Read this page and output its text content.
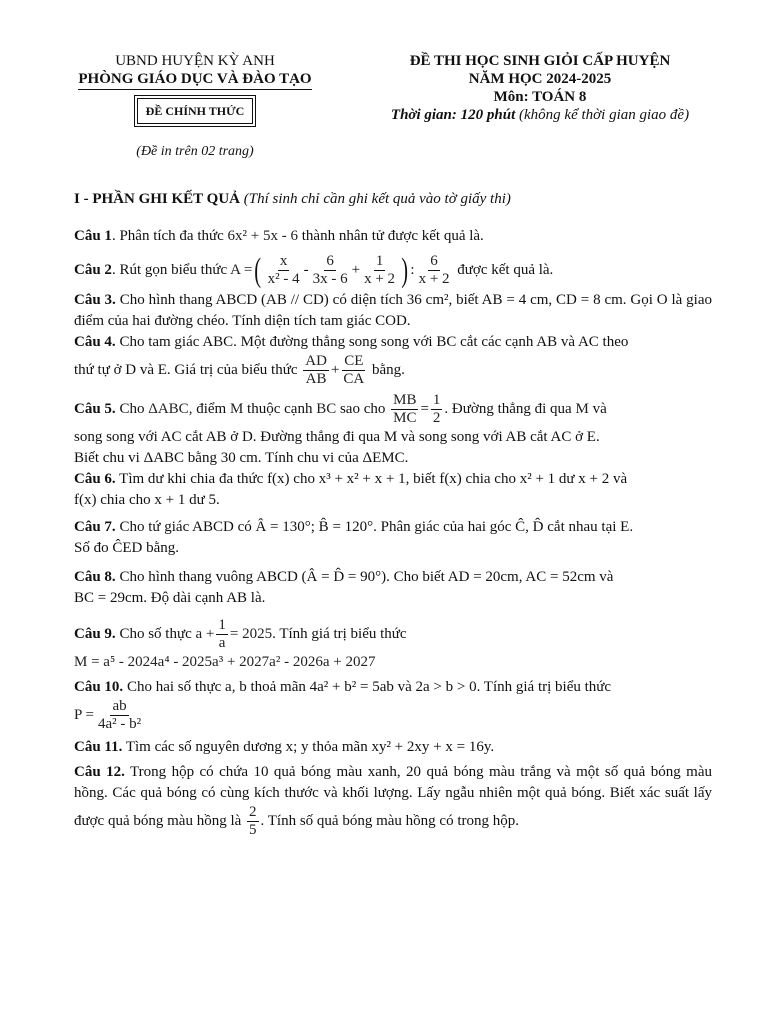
UBND HUYỆN KỲ ANH
PHÒNG GIÁO DỤC VÀ ĐÀO TẠO
ĐỀ CHÍNH THỨC
(Đề in trên 02 trang)
ĐỀ THI HỌC SINH GIỎI CẤP HUYỆN
NĂM HỌC 2024-2025
Môn: TOÁN 8
Thời gian: 120 phút (không kể thời gian giao đề)
I - PHẦN GHI KẾT QUẢ (Thí sinh chỉ cần ghi kết quả vào tờ giấy thi)

Câu 1. Phân tích đa thức 6x² + 5x - 6 thành nhân tử được kết quả là.

Câu 2. Rút gọn biểu thức A =( $\frac{x}{\text{x² - 4}} - \frac{6}{3x - 6} + \frac{1}{x + 2}$ ) : $\frac{6}{x + 2}$ được kết quả là.

Câu 3. Cho hình thang ABCD (AB // CD) có diện tích 36 cm², biết AB = 4 cm, CD = 8 cm. Gọi O là giao điểm của hai đường chéo. Tính diện tích tam giác COD.

Câu 4. Cho tam giác ABC. Một đường thẳng song song với BC cắt các cạnh AB và AC theo
thứ tự ở D và E. Giá trị của biểu thức $\frac{AD}{AB} + \frac{CE}{CA}$ bằng.

Câu 5. Cho ΔABC, điểm M thuộc cạnh BC sao cho $\frac{MB}{MC} = \frac{1}{2}$ . Đường thẳng đi qua M và
song song với AC cắt AB ở D. Đường thẳng đi qua M và song song với AB cắt AC ở E.
Biết chu vi ΔABC bằng 30 cm. Tính chu vi của ΔEMC.

Câu 6. Tìm dư khi chia đa thức f(x) cho x³ + x² + x + 1, biết f(x) chia cho x² + 1 dư x + 2 và
f(x) chia cho x + 1 dư 5.

Câu 7. Cho tứ giác ABCD có Â = 130°; B̂ = 120°. Phân giác của hai góc Ĉ, D̂ cắt nhau tại E.
Số đo ĈED bằng.

Câu 8. Cho hình thang vuông ABCD (Â = D̂ = 90°). Cho biết AD = 20cm, AC = 52cm và
BC = 29cm. Độ dài cạnh AB là.

Câu 9. Cho số thực $a + \frac{1}{a} = 2025$. Tính giá trị biểu thức
M = a⁵ - 2024a⁴ - 2025a³ + 2027a² - 2026a + 2027

Câu 10. Cho hai số thực a, b thoả mãn 4a² + b² = 5ab và 2a > b > 0. Tính giá trị biểu thức
$P = \frac{ab}{\text{4a² - b²}}$

Câu 11. Tìm các số nguyên dương x; y thỏa mãn xy² + 2xy + x = 16y.

Câu 12. Trong hộp có chứa 10 quả bóng màu xanh, 20 quả bóng màu trắng và một số quả bóng màu hồng. Các quả bóng có cùng kích thước và khối lượng. Lấy ngẫu nhiên một quả bóng. Biết xác suất lấy được quả bóng màu hồng là $\frac{2}{5}$ . Tính số quả bóng màu hồng có trong hộp.
